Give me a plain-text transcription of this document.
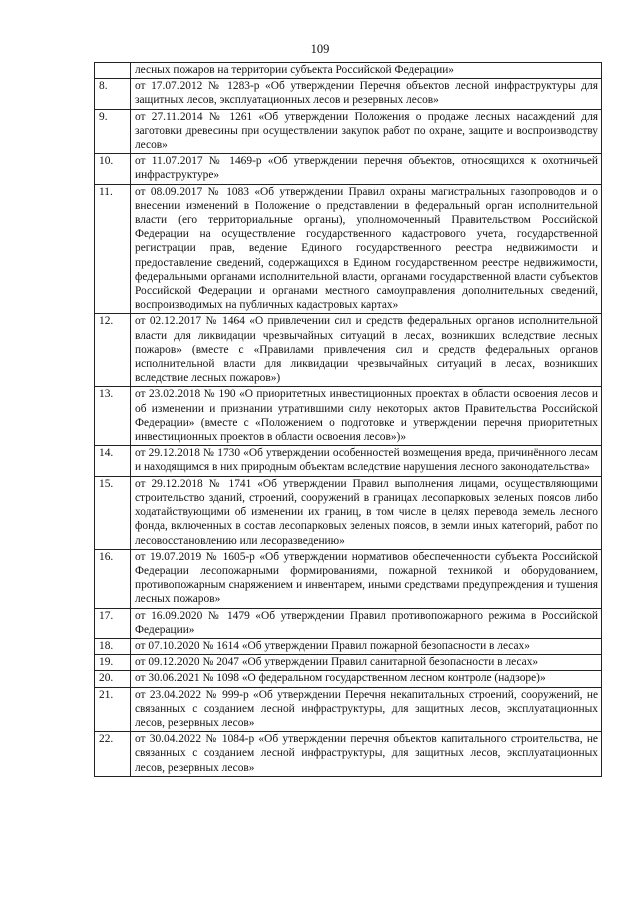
109
	лесных пожаров на территории субъекта Российской Федерации»
8.	от 17.07.2012 № 1283-р «Об утверждении Перечня объектов лесной инфраструктуры для защитных лесов, эксплуатационных лесов и резервных лесов»
9.	от 27.11.2014 № 1261 «Об утверждении Положения о продаже лесных насаждений для заготовки древесины при осуществлении закупок работ по охране, защите и воспроизводству лесов»
10.	от 11.07.2017 № 1469-р «Об утверждении перечня объектов, относящихся к охотничьей инфраструктуре»
11.	от 08.09.2017 № 1083 «Об утверждении Правил охраны магистральных газопроводов и о внесении изменений в Положение о представлении в федеральный орган исполнительной власти (его территориальные органы), уполномоченный Правительством Российской Федерации на осуществление государственного кадастрового учета, государственной регистрации прав, ведение Единого государственного реестра недвижимости и предоставление сведений, содержащихся в Едином государственном реестре недвижимости, федеральными органами исполнительной власти, органами государственной власти субъектов Российской Федерации и органами местного самоуправления дополнительных сведений, воспроизводимых на публичных кадастровых картах»
12.	от 02.12.2017 № 1464 «О привлечении сил и средств федеральных органов исполнительной власти для ликвидации чрезвычайных ситуаций в лесах, возникших вследствие лесных пожаров» (вместе с «Правилами привлечения сил и средств федеральных органов исполнительной власти для ликвидации чрезвычайных ситуаций в лесах, возникших вследствие лесных пожаров»)
13.	от 23.02.2018 № 190 «О приоритетных инвестиционных проектах в области освоения лесов и об изменении и признании утратившими силу некоторых актов Правительства Российской Федерации» (вместе с «Положением о подготовке и утверждении перечня приоритетных инвестиционных проектов в области освоения лесов»)»
14.	от 29.12.2018 № 1730 «Об утверждении особенностей возмещения вреда, причинённого лесам и находящимся в них природным объектам вследствие нарушения лесного законодательства»
15.	от 29.12.2018 № 1741 «Об утверждении Правил выполнения лицами, осуществляющими строительство зданий, строений, сооружений в границах лесопарковых зеленых поясов либо ходатайствующими об изменении их границ, в том числе в целях перевода земель лесного фонда, включенных в состав лесопарковых зеленых поясов, в земли иных категорий, работ по лесовосстановлению или лесоразведению»
16.	от 19.07.2019 № 1605-р «Об утверждении нормативов обеспеченности субъекта Российской Федерации лесопожарными формированиями, пожарной техникой и оборудованием, противопожарным снаряжением и инвентарем, иными средствами предупреждения и тушения лесных пожаров»
17.	от 16.09.2020 № 1479 «Об утверждении Правил противопожарного режима в Российской Федерации»
18.	от 07.10.2020 № 1614 «Об утверждении Правил пожарной безопасности в лесах»
19.	от 09.12.2020 № 2047 «Об утверждении Правил санитарной безопасности в лесах»
20.	от 30.06.2021 № 1098 «О федеральном государственном лесном контроле (надзоре)»
21.	от 23.04.2022 № 999-р «Об утверждении Перечня некапитальных строений, сооружений, не связанных с созданием лесной инфраструктуры, для защитных лесов, эксплуатационных лесов, резервных лесов»
22.	от 30.04.2022 № 1084-р «Об утверждении перечня объектов капитального строительства, не связанных с созданием лесной инфраструктуры, для защитных лесов, эксплуатационных лесов, резервных лесов»
